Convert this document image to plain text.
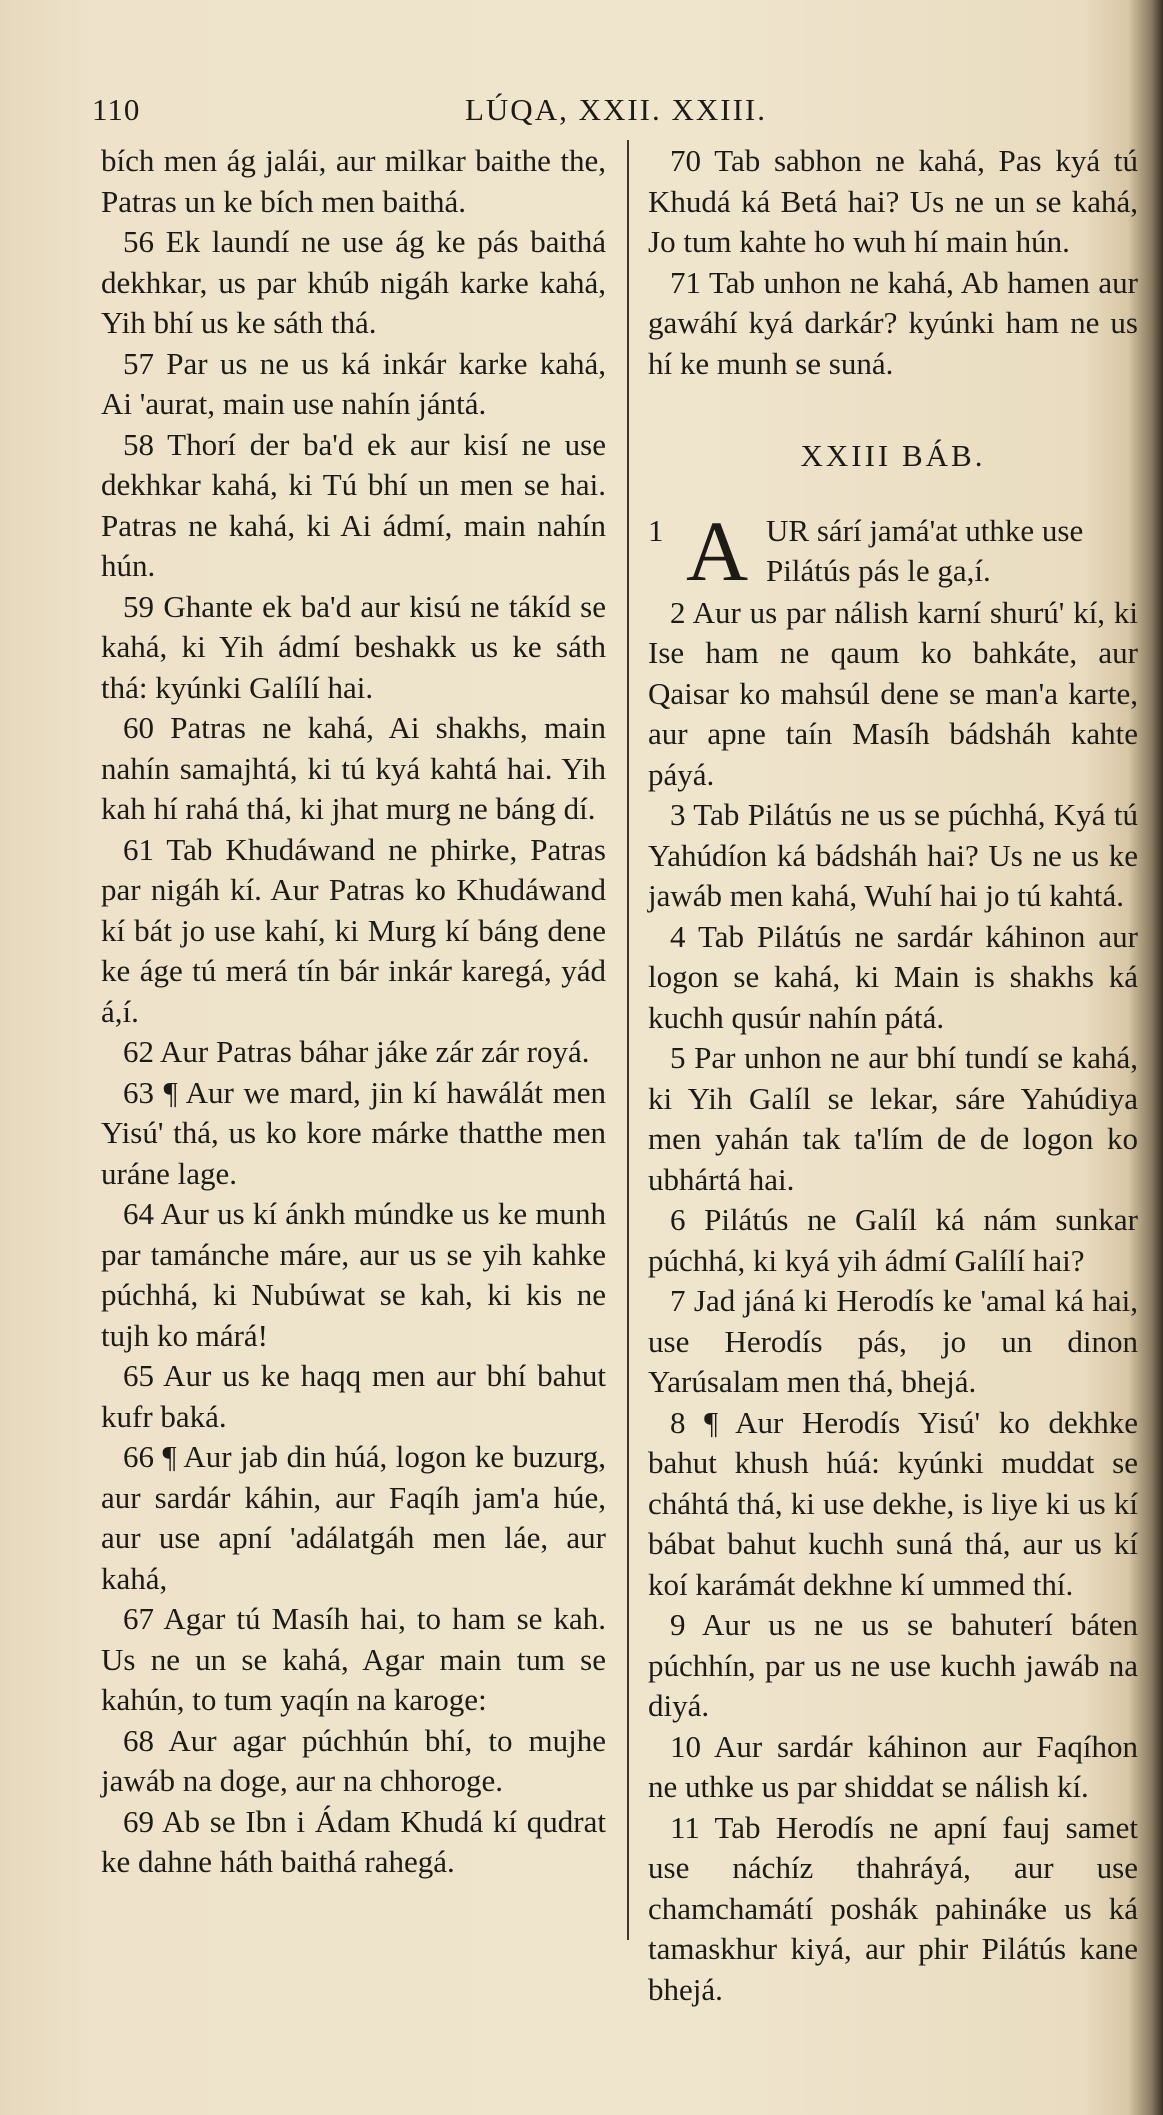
110	LÚQA, XXII. XXIII.

bích men ág jalái, aur milkar baithe the, Patras un ke bích men baithá.

56 Ek laundí ne use ág ke pás baithá dekhkar, us par khúb nigáh karke kahá, Yih bhí us ke sáth thá.

57 Par us ne us ká inkár karke kahá, Ai 'aurat, main use nahín jántá.

58 Thorí der ba'd ek aur kisí ne use dekhkar kahá, ki Tú bhí un men se hai. Patras ne kahá, ki Ai ádmí, main nahín hún.

59 Ghante ek ba'd aur kisú ne tákíd se kahá, ki Yih ádmí beshakk us ke sáth thá: kyúnki Galílí hai.

60 Patras ne kahá, Ai shakhs, main nahín samajhtá, ki tú kyá kahtá hai. Yih kah hí rahá thá, ki jhat murg ne báng dí.

61 Tab Khudáwand ne phirke, Patras par nigáh kí. Aur Patras ko Khudáwand kí bát jo use kahí, ki Murg kí báng dene ke áge tú merá tín bár inkár karegá, yád á,í.

62 Aur Patras báhar jáke zár zár royá.

63 ¶ Aur we mard, jin kí hawálát men Yisú' thá, us ko kore márke thatthe men uráne lage.

64 Aur us kí ánkh múndke us ke munh par tamánche máre, aur us se yih kahke púchhá, ki Nubúwat se kah, ki kis ne tujh ko márá!

65 Aur us ke haqq men aur bhí bahut kufr baká.

66 ¶ Aur jab din húá, logon ke buzurg, aur sardár káhin, aur Faqíh jam'a húe, aur use apní 'adálatgáh men láe, aur kahá,

67 Agar tú Masíh hai, to ham se kah. Us ne un se kahá, Agar main tum se kahún, to tum yaqín na karoge:

68 Aur agar púchhún bhí, to mujhe jawáb na doge, aur na chhoroge.

69 Ab se Ibn i Ádam Khudá kí qudrat ke dahne háth baithá rahegá.

70 Tab sabhon ne kahá, Pas kyá tú Khudá ká Betá hai? Us ne un se kahá, Jo tum kahte ho wuh hí main hún.

71 Tab unhon ne kahá, Ab hamen aur gawáhí kyá darkár? kyúnki ham ne us hí ke munh se suná.

XXIII BÁB.
1 A UR sárí jamá'at uthke use
Pilátús pás le ga,í.

2 Aur us par nálish karní shurú' kí, ki Ise ham ne qaum ko bahkáte, aur Qaisar ko mahsúl dene se man'a karte, aur apne taín Masíh bádsháh kahte páyá.

3 Tab Pilátús ne us se púchhá, Kyá tú Yahúdíon ká bádsháh hai? Us ne us ke jawáb men kahá, Wuhí hai jo tú kahtá.

4 Tab Pilátús ne sardár káhinon aur logon se kahá, ki Main is shakhs ká kuchh qusúr nahín pátá.

5 Par unhon ne aur bhí tundí se kahá, ki Yih Galíl se lekar, sáre Yahúdiya men yahán tak ta'lím de de logon ko ubhártá hai.

6 Pilátús ne Galíl ká nám sunkar púchhá, ki kyá yih ádmí Galílí hai?

7 Jad jáná ki Herodís ke 'amal ká hai, use Herodís pás, jo un dinon Yarúsalam men thá, bhejá.

8 ¶ Aur Herodís Yisú' ko dekhke bahut khush húá: kyúnki muddat se cháhtá thá, ki use dekhe, is liye ki us kí bábat bahut kuchh suná thá, aur us kí koí karámát dekhne kí ummed thí.

9 Aur us ne us se bahuterí báten púchhín, par us ne use kuchh jawáb na diyá.

10 Aur sardár káhinon aur Faqíhon ne uthke us par shiddat se nálish kí.

11 Tab Herodís ne apní fauj samet use náchíz thahráyá, aur use chamchamátí poshák pahináke us ká tamaskhur kiyá, aur phir Pilátús kane bhejá.
